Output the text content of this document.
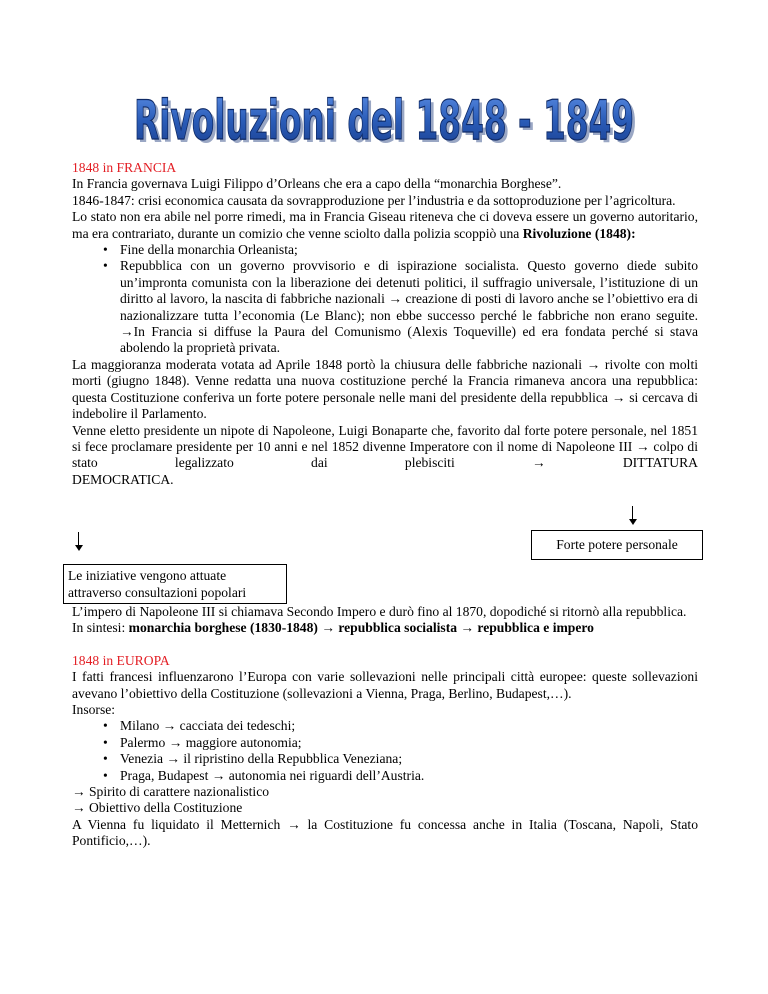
Rivoluzioni del 1848 - 1849
Rivoluzioni del 1848 - 1849

1848 in FRANCIA

In Francia governava Luigi Filippo d’Orleans che era a capo della “monarchia Borghese”.

1846-1847: crisi economica causata da sovrapproduzione per l’industria e da sottoproduzione per l’agricoltura.

Lo stato non era abile nel porre rimedi, ma in Francia Giseau riteneva che ci doveva essere un governo autoritario, ma era contrariato, durante un comizio che venne sciolto dalla polizia scoppiò una Rivoluzione (1848):

• Fine della monarchia Orleanista;
• Repubblica con un governo provvisorio e di ispirazione socialista. Questo governo diede subito un’impronta comunista con la liberazione dei detenuti politici, il suffragio universale, l’istituzione di un diritto al lavoro, la nascita di fabbriche nazionali → creazione di posti di lavoro anche se l’obiettivo era di nazionalizzare tutta l’economia (Le Blanc); non ebbe successo perché le fabbriche non erano seguite. →In Francia si diffuse la Paura del Comunismo (Alexis Toqueville) ed era fondata perché si stava abolendo la proprietà privata.

La maggioranza moderata votata ad Aprile 1848 portò la chiusura delle fabbriche nazionali → rivolte con molti morti (giugno 1848). Venne redatta una nuova costituzione perché la Francia rimaneva ancora una repubblica: questa Costituzione conferiva un forte potere personale nelle mani del presidente della repubblica → si cercava di indebolire il Parlamento.

Venne eletto presidente un nipote di Napoleone, Luigi Bonaparte che, favorito dal forte potere personale, nel 1851 si fece proclamare presidente per 10 anni e nel 1852 divenne Imperatore con il nome di Napoleone III → colpo di stato legalizzato dai plebisciti → DITTATURA

DEMOCRATICA.

Le iniziative vengono attuate attraverso consultazioni popolari
Forte potere personale

L’impero di Napoleone III si chiamava Secondo Impero e durò fino al 1870, dopodiché si ritornò alla repubblica.

In sintesi: monarchia borghese (1830-1848) → repubblica socialista → repubblica e impero

1848 in EUROPA

I fatti francesi influenzarono l’Europa con varie sollevazioni nelle principali città europee: queste sollevazioni avevano l’obiettivo della Costituzione (sollevazioni a Vienna, Praga, Berlino, Budapest,…).

Insorse:

• Milano → cacciata dei tedeschi;
• Palermo → maggiore autonomia;
• Venezia → il ripristino della Repubblica Veneziana;
• Praga, Budapest → autonomia nei riguardi dell’Austria.

→ Spirito di carattere nazionalistico

→ Obiettivo della Costituzione

A Vienna fu liquidato il Metternich → la Costituzione fu concessa anche in Italia (Toscana, Napoli, Stato Pontificio,…).
